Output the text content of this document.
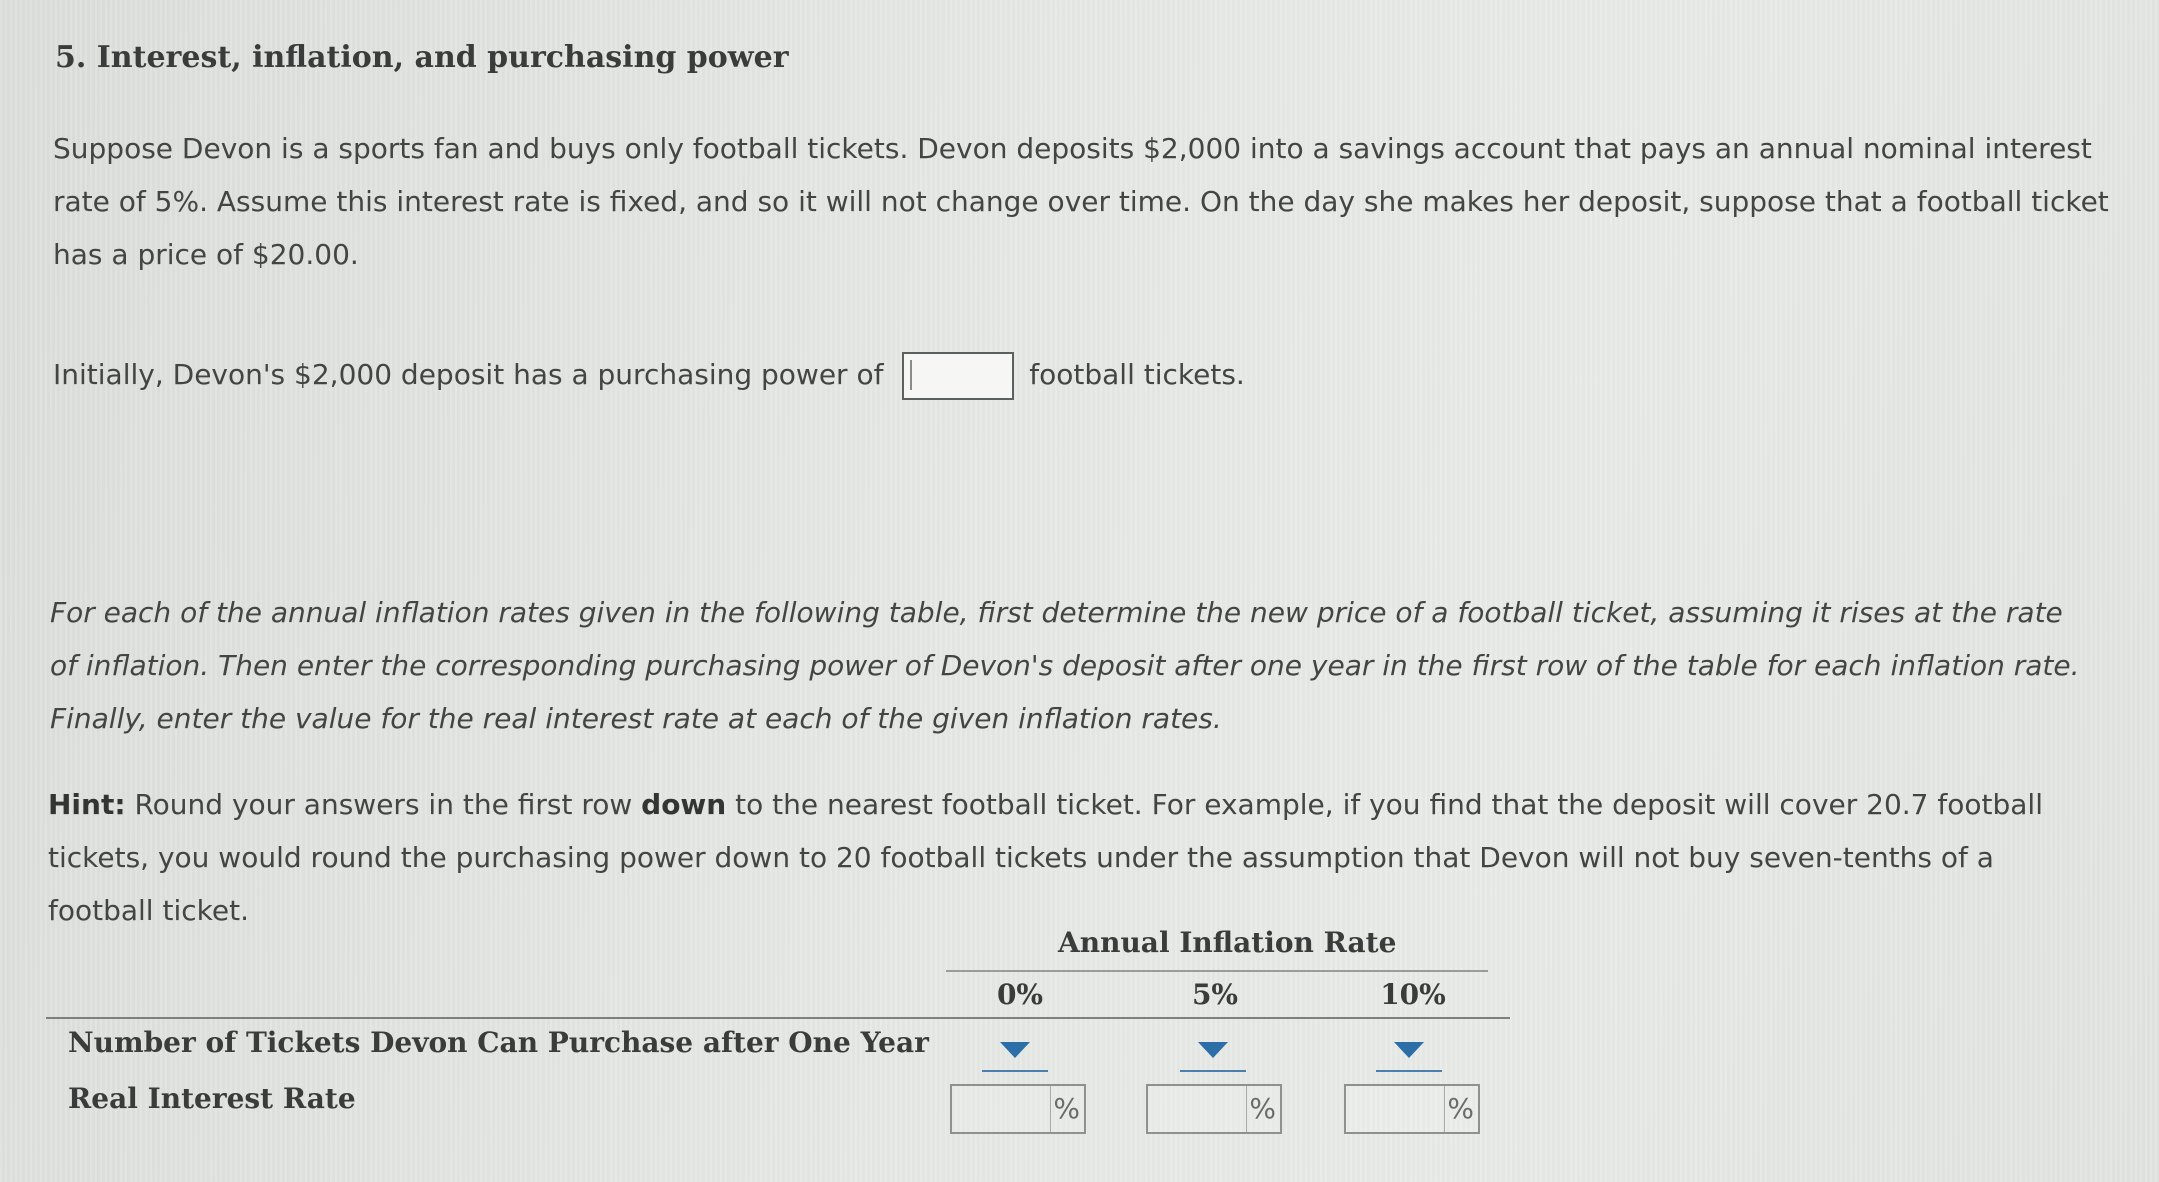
5. Interest, inflation, and purchasing power
Suppose Devon is a sports fan and buys only football tickets. Devon deposits $2,000 into a savings account that pays an annual nominal interest rate of 5%. Assume this interest rate is fixed, and so it will not change over time. On the day she makes her deposit, suppose that a football ticket has a price of $20.00.
Initially, Devon's $2,000 deposit has a purchasing power of	football tickets.
For each of the annual inflation rates given in the following table, first determine the new price of a football ticket, assuming it rises at the rate of inflation. Then enter the corresponding purchasing power of Devon's deposit after one year in the first row of the table for each inflation rate. Finally, enter the value for the real interest rate at each of the given inflation rates.
Hint: Round your answers in the first row down to the nearest football ticket. For example, if you find that the deposit will cover 20.7 football tickets, you would round the purchasing power down to 20 football tickets under the assumption that Devon will not buy seven-tenths of a football ticket.
Annual Inflation Rate
0%	5%	10%
Number of Tickets Devon Can Purchase after One Year
Real Interest Rate	%	%	%
